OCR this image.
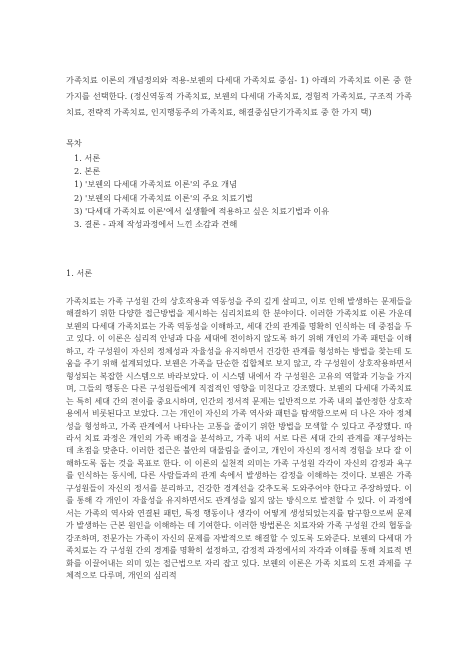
가족치료 이론의 개념정의와 적용-보웬의 다세대 가족치료 중심- 1) 아래의 가족치료 이론 중 한 가지를 선택한다. (정신역동적 가족치료, 보웬의 다세대 가족치료, 경험적 가족치료, 구조적 가족치료, 전략적 가족치료, 인지행동주의 가족치료, 해결중심단기가족치료 중 한 가지 택)

목차

1. 서론
2. 본론
1) '보웬의 다세대 가족치료 이론'의 주요 개념
2) '보웬의 다세대 가족치료 이론'의 주요 치료기법
3) '다세대 가족치료 이론'에서 실생활에 적용하고 싶은 치료기법과 이유
3. 결론 - 과제 작성과정에서 느낀 소감과 견해

1. 서론

가족치료는 가족 구성원 간의 상호작용과 역동성을 주의 깊게 살피고, 이로 인해 발생하는 문제들을 해결하기 위한 다양한 접근방법을 제시하는 심리치료의 한 분야이다. 이러한 가족치료 이론 가운데 보웬의 다세대 가족치료는 가족 역동성을 이해하고, 세대 간의 관계를 명확히 인식하는 데 중점을 두고 있다. 이 이론은 심리적 안녕과 다음 세대에 전이하지 않도록 하기 위해 개인의 가족 패턴을 이해하고, 각 구성원이 자신의 정체성과 자율성을 유지하면서 건강한 관계를 형성하는 방법을 찾는데 도움을 주기 위해 설계되었다. 보웬은 가족을 단순한 집합체로 보지 않고, 각 구성원이 상호작용하면서 형성되는 복잡한 시스템으로 바라보았다. 이 시스템 내에서 각 구성원은 고유의 역할과 기능을 가지며, 그들의 행동은 다른 구성원들에게 직접적인 영향을 미친다고 강조했다. 보웬의 다세대 가족치료는 특히 세대 간의 전이를 중요시하며, 인간의 정서적 문제는 일반적으로 가족 내의 불안정한 상호작용에서 비롯된다고 보았다. 그는 개인이 자신의 가족 역사와 패턴을 탐색함으로써 더 나은 자아 정체성을 형성하고, 가족 관계에서 나타나는 고통을 줄이기 위한 방법을 모색할 수 있다고 주장했다. 따라서 치료 과정은 개인의 가족 배경을 분석하고, 가족 내의 서로 다른 세대 간의 관계를 재구성하는 데 초점을 맞춘다. 이러한 접근은 불안의 대물림을 줄이고, 개인이 자신의 정서적 경험을 보다 잘 이해하도록 돕는 것을 목표로 한다. 이 이론의 실천적 의미는 가족 구성원 각각이 자신의 감정과 욕구를 인식하는 동시에, 다른 사람들과의 관계 속에서 발생하는 감정을 이해하는 것이다. 보웬은 가족 구성원들이 자신의 정서를 분리하고, 건강한 경계선을 갖추도록 도와주어야 한다고 주장하였다. 이를 통해 각 개인이 자율성을 유지하면서도 관계성을 잃지 않는 방식으로 발전할 수 있다. 이 과정에서는 가족의 역사와 연결된 패턴, 특정 행동이나 생각이 어떻게 생성되었는지를 탐구함으로써 문제가 발생하는 근본 원인을 이해하는 데 기여한다. 이러한 방법론은 치료자와 가족 구성원 간의 협동을 강조하며, 전문가는 가족이 자신의 문제를 자발적으로 해결할 수 있도록 도와준다. 보웬의 다세대 가족치료는 각 구성원 간의 경계를 명확히 설정하고, 감정적 과정에서의 자각과 이해를 통해 치료적 변화를 이끌어내는 의미 있는 접근법으로 자리 잡고 있다. 보웬의 이론은 가족 치료의 도전 과제를 구체적으로 다루며, 개인의 심리적
